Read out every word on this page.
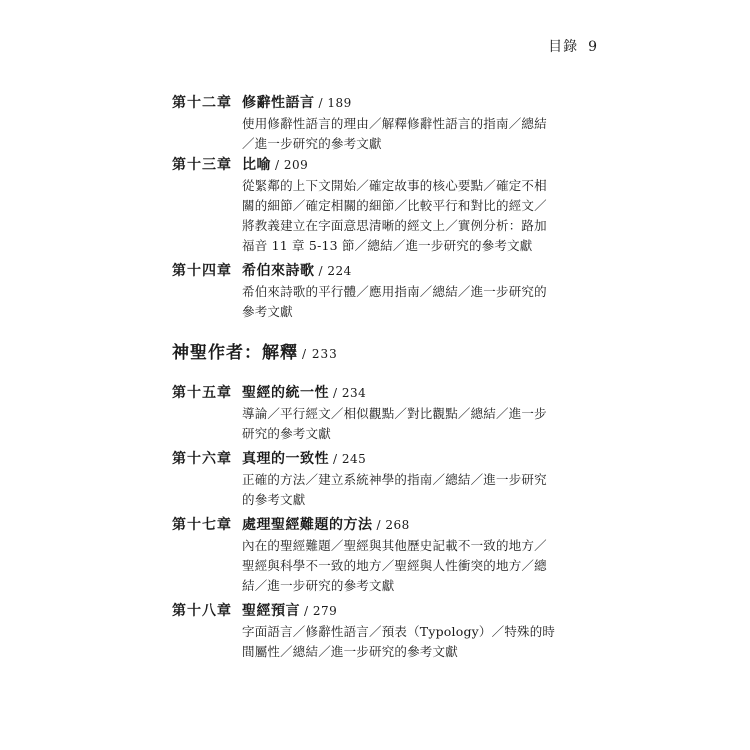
目錄 9
第十二章 修辭性語言 / 189
使用修辭性語言的理由／解釋修辭性語言的指南／總結
／進一步研究的參考文獻
第十三章 比喻 / 209
從緊鄰的上下文開始／確定故事的核心要點／確定不相
關的細節／確定相關的細節／比較平行和對比的經文／
將教義建立在字面意思清晰的經文上／實例分析：路加
福音 11 章 5-13 節／總結／進一步研究的參考文獻
第十四章 希伯來詩歌 / 224
希伯來詩歌的平行體／應用指南／總結／進一步研究的
參考文獻
神聖作者：解釋 / 233
第十五章 聖經的統一性 / 234
導論／平行經文／相似觀點／對比觀點／總結／進一步
研究的參考文獻
第十六章 真理的一致性 / 245
正確的方法／建立系統神學的指南／總結／進一步研究
的參考文獻
第十七章 處理聖經難題的方法 / 268
內在的聖經難題／聖經與其他歷史記載不一致的地方／
聖經與科學不一致的地方／聖經與人性衝突的地方／總
結／進一步研究的參考文獻
第十八章 聖經預言 / 279
字面語言／修辭性語言／預表（Typology）／特殊的時
間屬性／總結／進一步研究的參考文獻
